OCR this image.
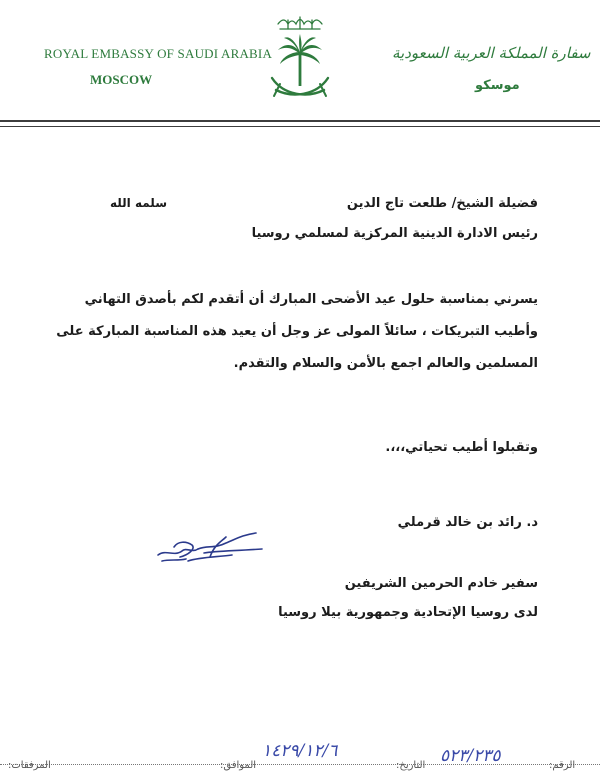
ROYAL EMBASSY OF SAUDI ARABIA
MOSCOW
سفارة المملكة العربية السعودية
موسكو
فضيلة الشيخ/ طلعت تاج الدين
سلمه الله
رئيس الادارة الدينية المركزية لمسلمي روسيا
يسرني بمناسبة حلول عيد الأضحى المبارك أن أتقدم لكم بأصدق التهاني
وأطيب التبريكات ، سائلاً المولى عز وجل أن يعيد هذه المناسبة المباركة على
المسلمين والعالم اجمع بالأمن والسلام والتقدم.
وتقبلوا أطيب تحياتي،،،.
د. رائد بن خالد قرملي
سفير خادم الحرمين الشريفين
لدى روسيا الإتحادية وجمهورية بيلا روسيا
الرقم:
التاريخ:
الموافق:
المرفقات:	٥٢٣/٢٣٥
١٤٢٩/١٢/٦
